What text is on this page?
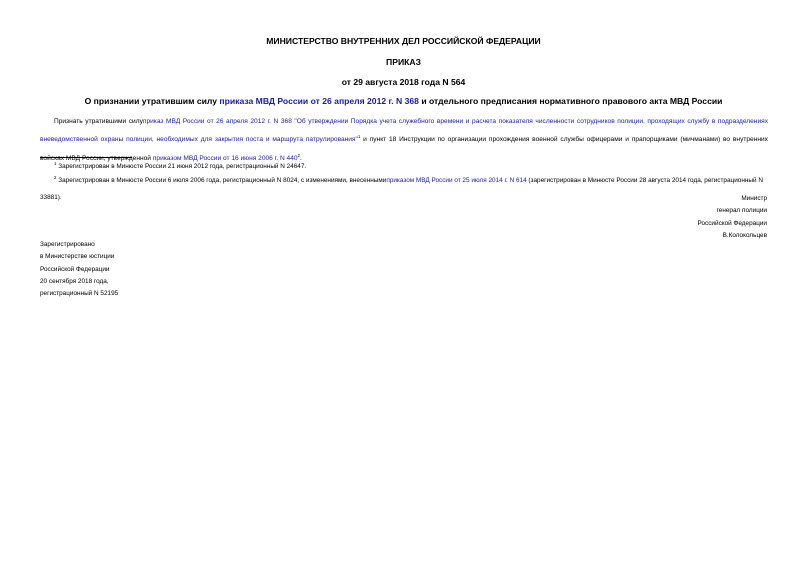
МИНИСТЕРСТВО ВНУТРЕННИХ ДЕЛ РОССИЙСКОЙ ФЕДЕРАЦИИ
ПРИКАЗ
от 29 августа 2018 года N 564
О признании утратившим силу приказа МВД России от 26 апреля 2012 г. N 368 и отдельного предписания нормативного правового акта МВД России
Признать утратившими силуприказ МВД России от 26 апреля 2012 г. N 368 "Об утверждении Порядка учета служебного времени и расчета показателя численности сотрудников полиции, проходящих службу в подразделениях вневедомственной охраны полиции, необходимых для закрытия поста и маршрута патрулирования"$^1$ и пункт 18 Инструкции по организации прохождения военной службы офицерами и прапорщиками (мичманами) во внутренних войсках МВД России, утвержденной приказом МВД России от 16 июня 2006 г. N 440$^2$.
$^1$ Зарегистрирован в Минюсте России 21 июня 2012 года, регистрационный N 24647.
$^2$ Зарегистрирован в Минюсте России 6 июля 2006 года, регистрационный N 8024, с изменениями, внесеннымиприказом МВД России от 25 июля 2014 г. N 614 (зарегистрирован в Минюсте России 28 августа 2014 года, регистрационный N 33881).	Министр
генерал полиции
Российской Федерации
В.Колокольцев
Зарегистрировано
в Министерстве юстиции
Российской Федерации
20 сентября 2018 года,
регистрационный N 52195
